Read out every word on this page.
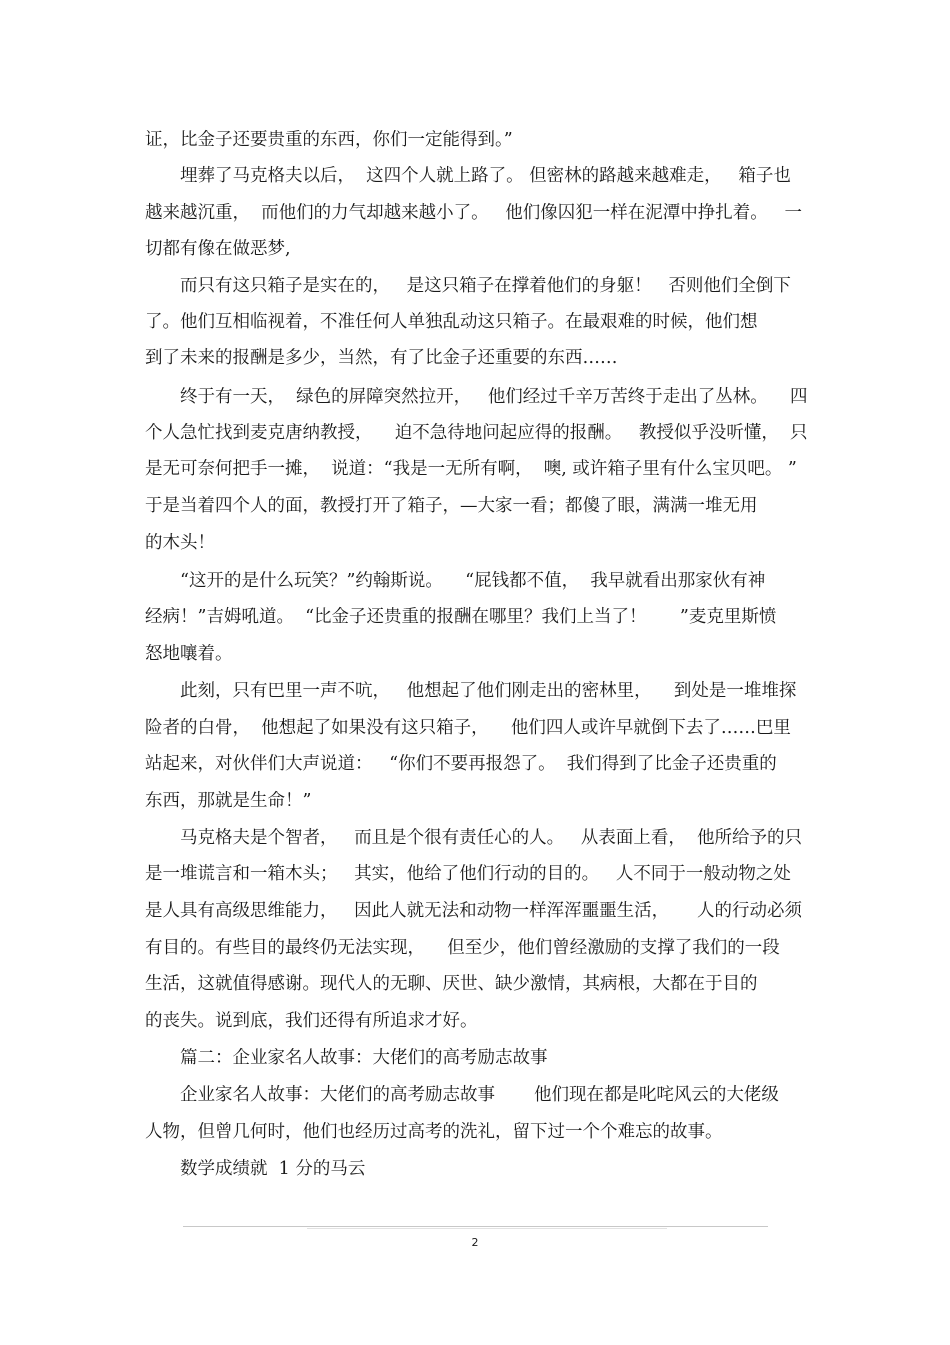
证，比金子还要贵重的东西，你们一定能得到。”
埋葬了马克格夫以后，  这四个人就上路了。 但密林的路越来越难走，   箱子也
越来越沉重，  而他们的力气却越来越小了。   他们像囚犯一样在泥潭中挣扎着。   一
切都有像在做恶梦,
而只有这只箱子是实在的，   是这只箱子在撑着他们的身躯！   否则他们全倒下
了。他们互相临视着，不准任何人单独乱动这只箱子。在最艰难的时候，他们想
到了未来的报酬是多少，当然，有了比金子还重要的东西……
终于有一天，  绿色的屏障突然拉开，   他们经过千辛万苦终于走出了丛林。    四
个人急忙找到麦克唐纳教授，    迫不急待地问起应得的报酬。   教授似乎没听懂，  只
是无可奈何把手一摊，  说道：“我是一无所有啊，  噢, 或许箱子里有什么宝贝吧。 ”
于是当着四个人的面，教授打开了箱子，—大家一看；都傻了眼，满满一堆无用
的木头！
“这开的是什么玩笑？”约翰斯说。    “屁钱都不值，  我早就看出那家伙有神
经病！”吉姆吼道。  “比金子还贵重的报酬在哪里？我们上当了！      ”麦克里斯愤
怒地嚷着。
此刻，只有巴里一声不吭，   他想起了他们刚走出的密林里，    到处是一堆堆探
险者的白骨，  他想起了如果没有这只箱子，    他们四人或许早就倒下去了……巴里
站起来，对伙伴们大声说道：   “你们不要再报怨了。  我们得到了比金子还贵重的
东西，那就是生命！”
马克格夫是个智者，   而且是个很有责任心的人。   从表面上看，  他所给予的只
是一堆谎言和一箱木头；   其实，他给了他们行动的目的。   人不同于一般动物之处
是人具有高级思维能力，   因此人就无法和动物一样浑浑噩噩生活，     人的行动必须
有目的。有些目的最终仍无法实现，    但至少，他们曾经激励的支撑了我们的一段
生活，这就值得感谢。现代人的无聊、厌世、缺少激情，其病根，大都在于目的
的丧失。说到底，我们还得有所追求才好。
篇二：企业家名人故事：大佬们的高考励志故事
企业家名人故事：大佬们的高考励志故事       他们现在都是叱咤风云的大佬级
人物，但曾几何时，他们也经历过高考的洗礼，留下过一个个难忘的故事。
数学成绩就  1 分的马云
2
